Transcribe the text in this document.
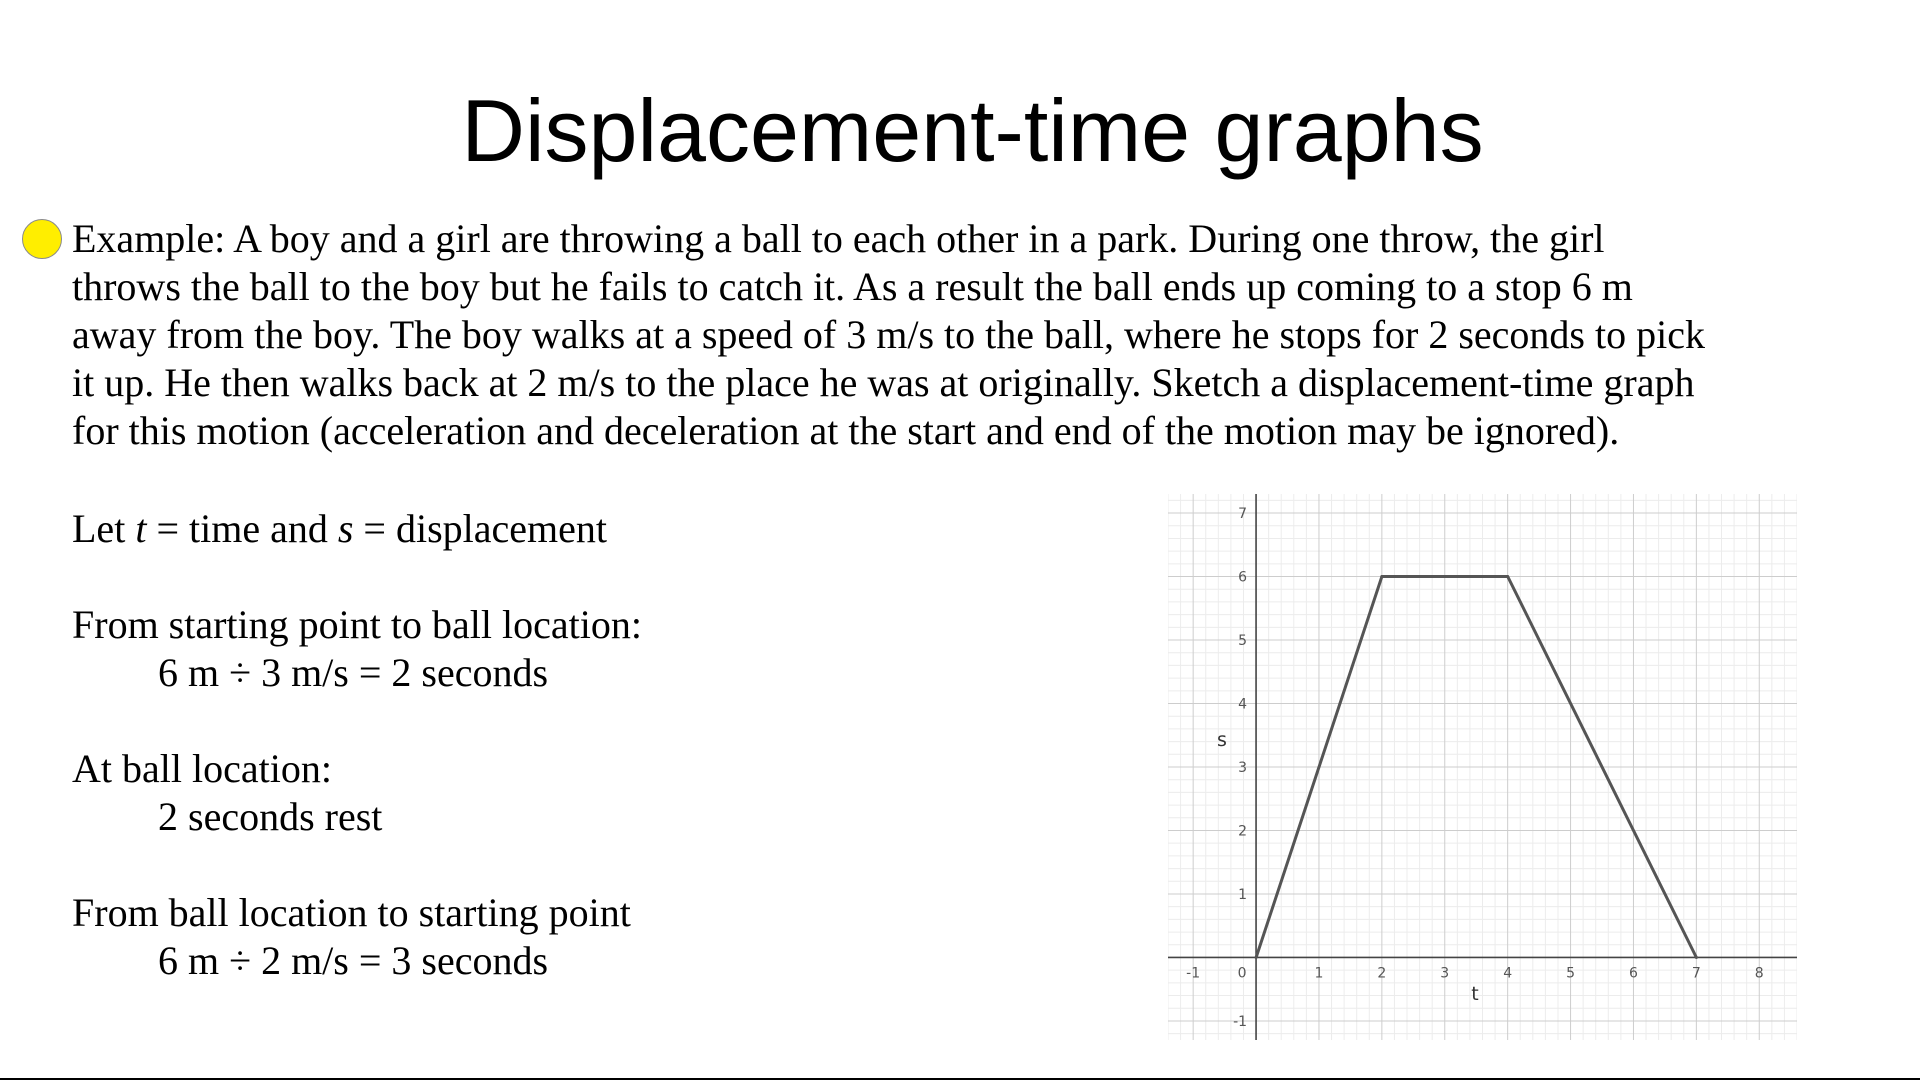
Displacement-time graphs
Example: A boy and a girl are throwing a ball to each other in a park. During one throw, the girl
throws the ball to the boy but he fails to catch it. As a result the ball ends up coming to a stop 6 m
away from the boy. The boy walks at a speed of 3 m/s to the ball, where he stops for 2 seconds to pick
it up. He then walks back at 2 m/s to the place he was at originally. Sketch a displacement-time graph
for this motion (acceleration and deceleration at the start and end of the motion may be ignored).
Let t = time and s = displacement
From starting point to ball location:
6 m ÷ 3 m/s = 2 seconds
At ball location:
2 seconds rest
From ball location to starting point
6 m ÷ 2 m/s = 3 seconds	-1	0	1	2	3	4	5	6	7	8
-1
1
2
3
4
5
6
7
t
s
